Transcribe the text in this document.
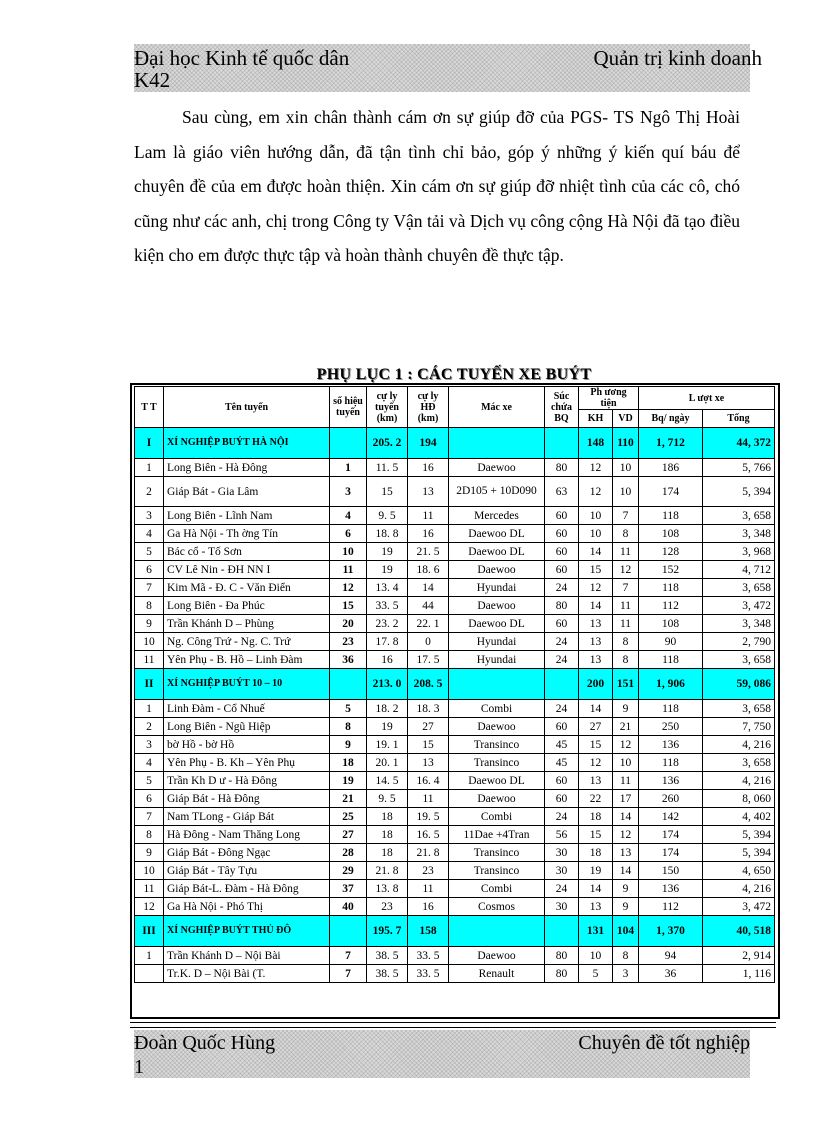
Đại học Kinh tế quốc dân	Quản trị kinh doanh
K42

Sau cùng, em xin chân thành cám ơn sự giúp đỡ của PGS- TS Ngô Thị Hoài Lam là giáo viên hướng dẫn, đã tận tình chỉ bảo, góp ý những ý kiến quí báu để chuyên đề của em được hoàn thiện. Xin cám ơn sự giúp đỡ nhiệt tình của các cô, chó cũng như các anh, chị trong Công ty Vận tải và Dịch vụ công cộng Hà Nội đã tạo điều kiện cho em được thực tập và hoàn thành chuyên đề thực tập.

PHỤ LỤC 1 : CÁC TUYẾN XE BUÝT
T T	Tên tuyến	số hiệu tuyến	cự ly tuyến (km)	cự ly HĐ (km)	Mác xe	Súc chứa BQ	Ph ương tiện		L ượt xe	
							KH	VD	Bq/ ngày	Tổng
I	XÍ NGHIỆP BUÝT HÀ NỘI		205. 2	194			148	110	1, 712	44, 372
1	Long Biên - Hà Đông	1	11. 5	16	Daewoo	80	12	10	186	5, 766
2	Giáp Bát - Gia Lâm	3	15	13	2D105 + 10D090	63	12	10	174	5, 394
3	Long Biên - Lĩnh Nam	4	9. 5	11	Mercedes	60	10	7	118	3, 658
4	Ga Hà Nội - Th ờng Tín	6	18. 8	16	Daewoo DL	60	10	8	108	3, 348
5	Bác cổ - Tố Sơn	10	19	21. 5	Daewoo DL	60	14	11	128	3, 968
6	CV Lê Nin - ĐH NN I	11	19	18. 6	Daewoo	60	15	12	152	4, 712
7	Kim Mã - Đ. C - Văn Điển	12	13. 4	14	Hyundai	24	12	7	118	3, 658
8	Long Biên - Đa Phúc	15	33. 5	44	Daewoo	80	14	11	112	3, 472
9	Trần Khánh D – Phùng	20	23. 2	22. 1	Daewoo DL	60	13	11	108	3, 348
10	Ng. Công Trứ - Ng. C. Trứ	23	17. 8	0	Hyundai	24	13	8	90	2, 790
11	Yên Phụ - B. Hồ – Linh Đàm	36	16	17. 5	Hyundai	24	13	8	118	3, 658
II	XÍ NGHIỆP BUÝT 10 – 10		213. 0	208. 5			200	151	1, 906	59, 086
1	Linh Đàm - Cổ Nhuế	5	18. 2	18. 3	Combi	24	14	9	118	3, 658
2	Long Biên - Ngũ Hiệp	8	19	27	Daewoo	60	27	21	250	7, 750
3	bờ Hồ - bờ Hồ	9	19. 1	15	Transinco	45	15	12	136	4, 216
4	Yên Phụ - B. Kh – Yên Phụ	18	20. 1	13	Transinco	45	12	10	118	3, 658
5	Trần Kh D ư - Hà Đông	19	14. 5	16. 4	Daewoo DL	60	13	11	136	4, 216
6	Giáp Bát - Hà Đông	21	9. 5	11	Daewoo	60	22	17	260	8, 060
7	Nam TLong - Giáp Bát	25	18	19. 5	Combi	24	18	14	142	4, 402
8	Hà Đông - Nam Thăng Long	27	18	16. 5	11Dae +4Tran	56	15	12	174	5, 394
9	Giáp Bát - Đông Ngạc	28	18	21. 8	Transinco	30	18	13	174	5, 394
10	Giáp Bát - Tây Tựu	29	21. 8	23	Transinco	30	19	14	150	4, 650
11	Giáp Bát-L. Đàm - Hà Đông	37	13. 8	11	Combi	24	14	9	136	4, 216
12	Ga Hà Nội - Phó Thị	40	23	16	Cosmos	30	13	9	112	3, 472
III	XÍ NGHIỆP BUÝT THỦ ĐÔ		195. 7	158			131	104	1, 370	40, 518
1	Trần Khánh D – Nội Bài	7	38. 5	33. 5	Daewoo	80	10	8	94	2, 914
	Tr.K. D – Nội Bài (T.	7	38. 5	33. 5	Renault	80	5	3	36	1, 116
Đoàn Quốc Hùng	Chuyên đề tốt nghiệp
1
